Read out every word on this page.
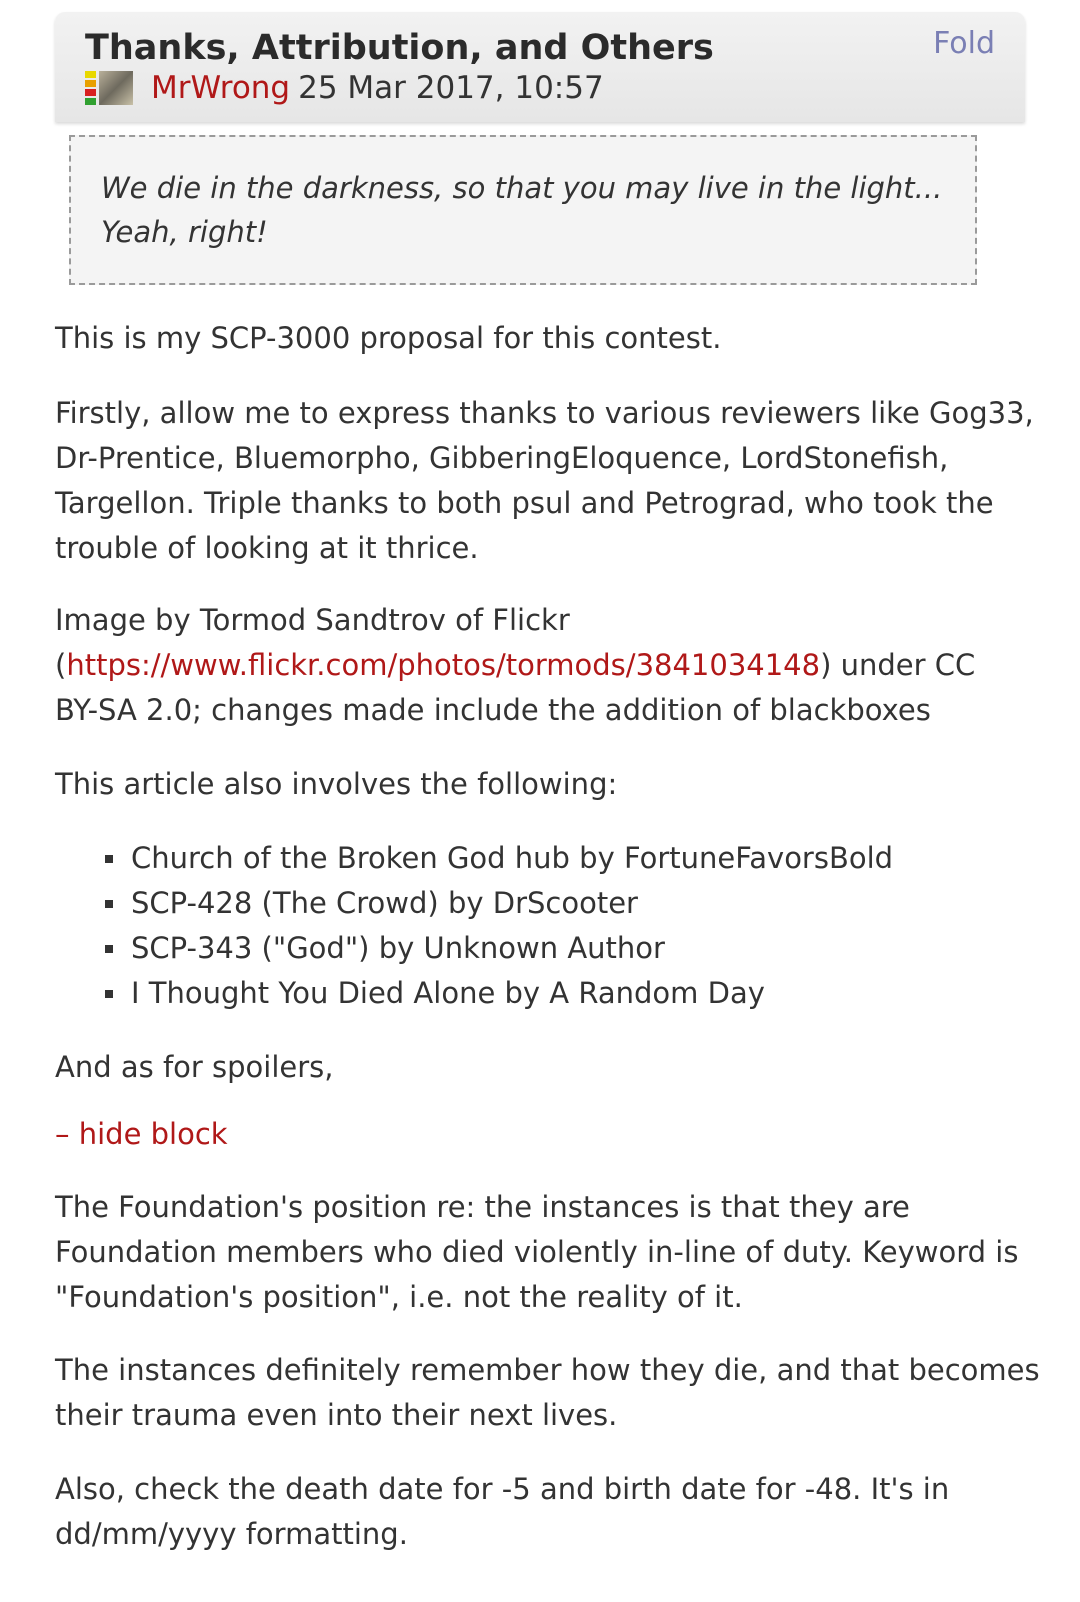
Thanks, Attribution, and Others	Fold
MrWrong 25 Mar 2017, 10:57

We die in the darkness, so that you may live in the light...

Yeah, right!

This is my SCP-3000 proposal for this contest.

Firstly, allow me to express thanks to various reviewers like Gog33,
Dr-Prentice, Bluemorpho, GibberingEloquence, LordStonefish,
Targellon. Triple thanks to both psul and Petrograd, who took the
trouble of looking at it thrice.

Image by Tormod Sandtrov of Flickr
(https://www.flickr.com/photos/tormods/3841034148) under CC
BY-SA 2.0; changes made include the addition of blackboxes

This article also involves the following:

Church of the Broken God hub by FortuneFavorsBold
SCP-428 (The Crowd) by DrScooter
SCP-343 ("God") by Unknown Author
I Thought You Died Alone by A Random Day

And as for spoilers,

– hide block

The Foundation's position re: the instances is that they are
Foundation members who died violently in-line of duty. Keyword is
"Foundation's position", i.e. not the reality of it.

The instances definitely remember how they die, and that becomes
their trauma even into their next lives.

Also, check the death date for -5 and birth date for -48. It's in
dd/mm/yyyy formatting.
